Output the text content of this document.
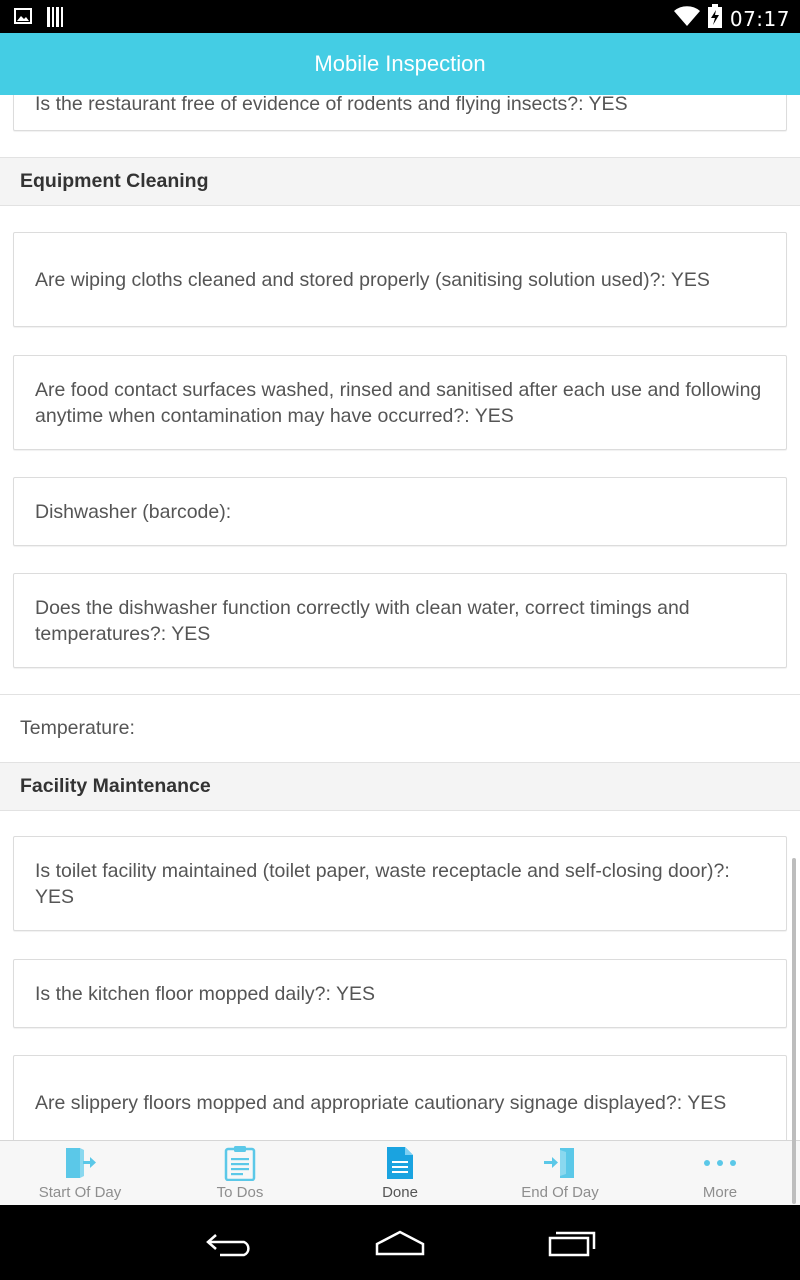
07:17
Mobile Inspection
Is the restaurant free of evidence of rodents and flying insects?: YES
Equipment Cleaning
Are wiping cloths cleaned and stored properly (sanitising solution used)?: YES
Are food contact surfaces washed, rinsed and sanitised after each use and following anytime when contamination may have occurred?: YES
Dishwasher (barcode):
Does the dishwasher function correctly with clean water, correct timings and temperatures?: YES
Temperature:
Facility Maintenance
Is toilet facility maintained (toilet paper, waste receptacle and self-closing door)?: YES
Is the kitchen floor mopped daily?: YES
Are slippery floors mopped and appropriate cautionary signage displayed?: YES
Start Of Day	To Dos	Done	End Of Day	More
